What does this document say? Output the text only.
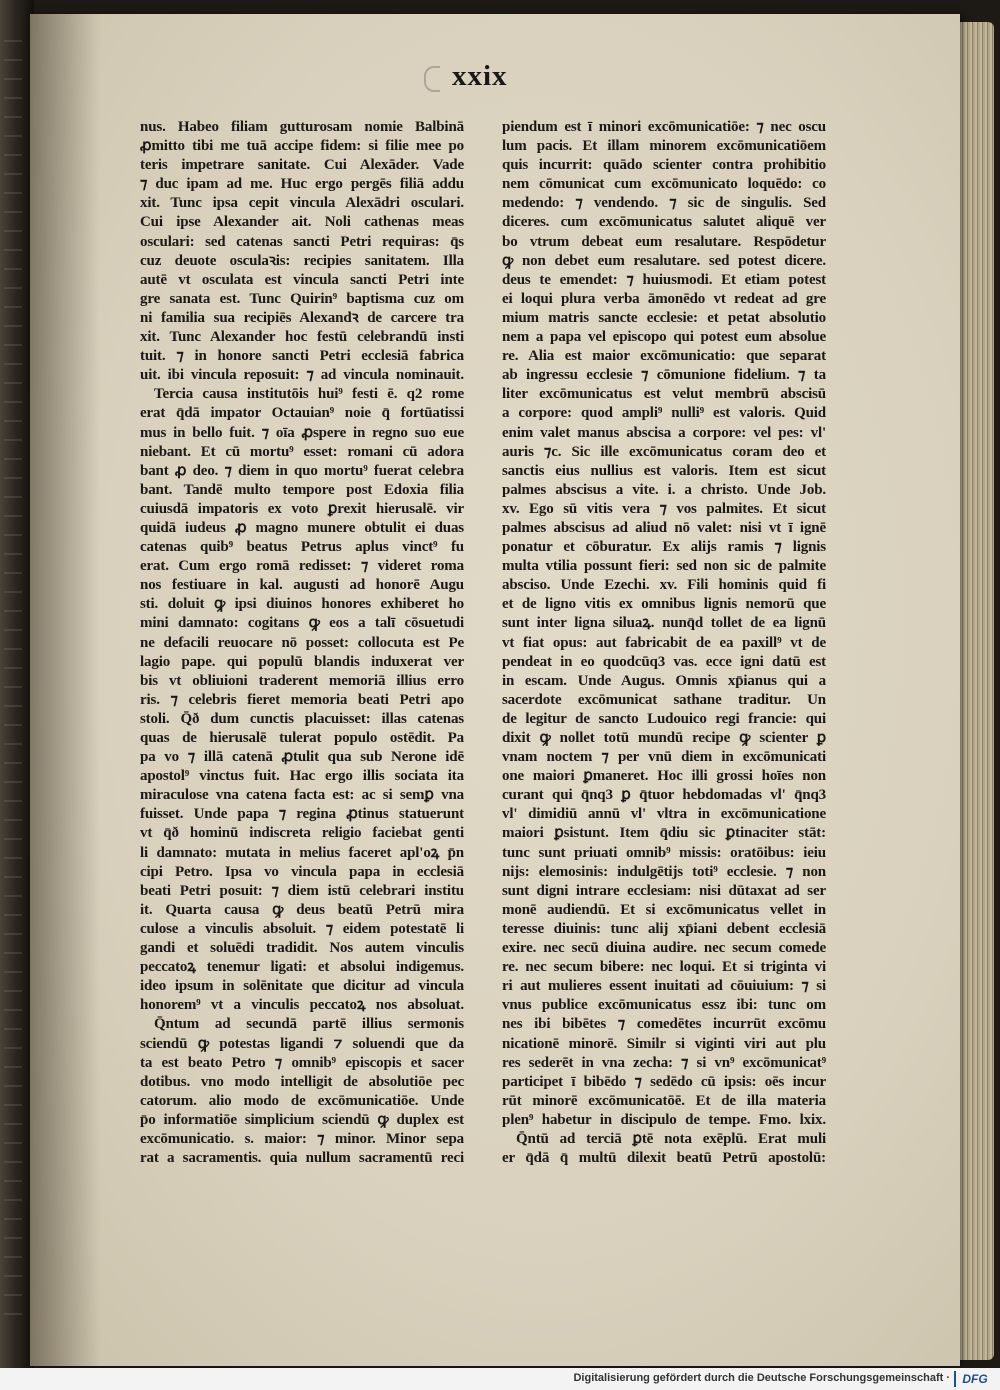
xxix
nus. Habeo filiam gutturosam nomie Balbinā
ꝓmitto tibi me tuā accipe fidem: si filie mee po
teris impetrare sanitate. Cui Alexāder. Vade
⁊ duc ipam ad me. Huc ergo pergēs filiā addu
xit. Tunc ipsa cepit vincula Alexādri osculari.
Cui ipse Alexander ait. Noli cathenas meas
osculari: sed catenas sancti Petri requiras: q̄s
cuz deuote osculaꝛis: recipies sanitatem. Illa
autē vt osculata est vincula sancti Petri inte
gre sanata est. Tunc Quirin⁹ baptisma cuz om
ni familia sua recipiēs Alexandꝛ de carcere tra
xit. Tunc Alexander hoc festū celebrandū insti
tuit. ⁊ in honore sancti Petri ecclesiā fabrica
uit. ibi vincula reposuit: ⁊ ad vincula nominauit.
Tercia causa institutōis hui⁹ festi ē. q2 rome
erat q̄dā impator Octauian⁹ noie q̄ fortūatissi
mus in bello fuit. ⁊ oīa ꝓspere in regno suo eue
niebant. Et cū mortu⁹ esset: romani cū adora
bant ꝓ deo. ⁊ diem in quo mortu⁹ fuerat celebra
bant. Tandē multo tempore post Edoxia filia
cuiusdā impatoris ex voto ꝑrexit hierusalē. vir
quidā iudeus ꝓ magno munere obtulit ei duas
catenas quib⁹ beatus Petrus aplus vinct⁹ fu
erat. Cum ergo romā redisset: ⁊ videret roma
nos festiuare in kal. augusti ad honorē Augu
sti. doluit ꝙ ipsi diuinos honores exhiberet ho
mini damnato: cogitans ꝙ eos a talī cōsuetudi
ne defacili reuocare nō posset: collocuta est Pe
lagio pape. qui populū blandis induxerat ver
bis vt obliuioni traderent memoriā illius erro
ris. ⁊ celebris fieret memoria beati Petri apo
stoli. Q̄ð dum cunctis placuisset: illas catenas
quas de hierusalē tulerat populo ostēdit. Pa
pa vo ⁊ illā catenā ꝓtulit qua sub Nerone idē
apostol⁹ vinctus fuit. Hac ergo illis sociata ita
miraculose vna catena facta est: ac si semꝑ vna
fuisset. Unde papa ⁊ regina ꝓtinus statuerunt
vt q̄ð hominū indiscreta religio faciebat genti
li damnato: mutata in melius faceret apl'oꝝ p̄n
cipi Petro. Ipsa vo vincula papa in ecclesiā
beati Petri posuit: ⁊ diem istū celebrari institu
it. Quarta causa ꝙ deus beatū Petrū mira
culose a vinculis absoluit. ⁊ eidem potestatē li
gandi et soluēdi tradidit. Nos autem vinculis
peccatoꝝ tenemur ligati: et absolui indigemus.
ideo ipsum in solēnitate que dicitur ad vincula
honorem⁹ vt a vinculis peccatoꝝ nos absoluat.
Q̄ntum ad secundā partē illius sermonis
sciendū ꝙ potestas ligandi ⁊ soluendi que da
ta est beato Petro ⁊ omnib⁹ episcopis et sacer
dotibus. vno modo intelligit de absolutiōe pec
catorum. alio modo de excōmunicatiōe. Unde
p̄o informatiōe simplicium sciendū ꝙ duplex est
excōmunicatio. s. maior: ⁊ minor. Minor sepa
rat a sacramentis. quia nullum sacramentū reci
piendum est ī minori excōmunicatiōe: ⁊ nec oscu
lum pacis. Et illam minorem excōmunicatiōem
quis incurrit: quādo scienter contra prohibitio
nem cōmunicat cum excōmunicato loquēdo: co
medendo: ⁊ vendendo. ⁊ sic de singulis. Sed
diceres. cum excōmunicatus salutet aliquē ver
bo vtrum debeat eum resalutare. Respōdetur
ꝙ non debet eum resalutare. sed potest dicere.
deus te emendet: ⁊ huiusmodi. Et etiam potest
ei loqui plura verba āmonēdo vt redeat ad gre
mium matris sancte ecclesie: et petat absolutio
nem a papa vel episcopo qui potest eum absolue
re. Alia est maior excōmunicatio: que separat
ab ingressu ecclesie ⁊ cōmunione fidelium. ⁊ ta
liter excōmunicatus est velut membrū abscisū
a corpore: quod ampli⁹ nulli⁹ est valoris. Quid
enim valet manus abscisa a corpore: vel pes: vl'
auris ⁊c. Sic ille excōmunicatus coram deo et
sanctis eius nullius est valoris. Item est sicut
palmes abscisus a vite. i. a christo. Unde Job.
xv. Ego sū vitis vera ⁊ vos palmites. Et sicut
palmes abscisus ad aliud nō valet: nisi vt ī ignē
ponatur et cōburatur. Ex alijs ramis ⁊ lignis
multa vtilia possunt fieri: sed non sic de palmite
absciso. Unde Ezechi. xv. Fili hominis quid fi
et de ligno vitis ex omnibus lignis nemorū que
sunt inter ligna siluaꝝ. nunq̄d tollet de ea lignū
vt fiat opus: aut fabricabit de ea paxill⁹ vt de
pendeat in eo quodcūq3 vas. ecce igni datū est
in escam. Unde Augus. Omnis xp̄ianus qui a
sacerdote excōmunicat sathane traditur. Un
de legitur de sancto Ludouico regi francie: qui
dixit ꝙ nollet totū mundū recipe ꝙ scienter ꝑ
vnam noctem ⁊ per vnū diem in excōmunicati
one maiori ꝑmaneret. Hoc illi grossi hoīes non
curant qui q̄nq3 ꝑ q̄tuor hebdomadas vl' q̄nq3
vl' dimidiū annū vl' vltra in excōmunicatione
maiori ꝑsistunt. Item q̄diu sic ꝑtinaciter stāt:
tunc sunt priuati omnib⁹ missis: oratōibus: ieiu
nijs: elemosinis: indulgētijs toti⁹ ecclesie. ⁊ non
sunt digni intrare ecclesiam: nisi dūtaxat ad ser
monē audiendū. Et si excōmunicatus vellet in
teresse diuinis: tunc alij xp̄iani debent ecclesiā
exire. nec secū diuina audire. nec secum comede
re. nec secum bibere: nec loqui. Et si triginta vi
ri aut mulieres essent inuitati ad cōuiuium: ⁊ si
vnus publice excōmunicatus essz ibi: tunc om
nes ibi bibētes ⁊ comedētes incurrūt excōmu
nicationē minorē. Similr si viginti viri aut plu
res sederēt in vna zecha: ⁊ si vn⁹ excōmunicat⁹
participet ī bibēdo ⁊ sedēdo cū ipsis: oēs incur
rūt minorē excōmunicatōē. Et de illa materia
plen⁹ habetur in discipulo de tempe. Fmo. lxix.
Q̄ntū ad terciā ꝑtē nota exēplū. Erat muli
er q̄dā q̄ multū dilexit beatū Petrū apostolū:
Digitalisierung gefördert durch die Deutsche Forschungsgemeinschaft ·	DFG
